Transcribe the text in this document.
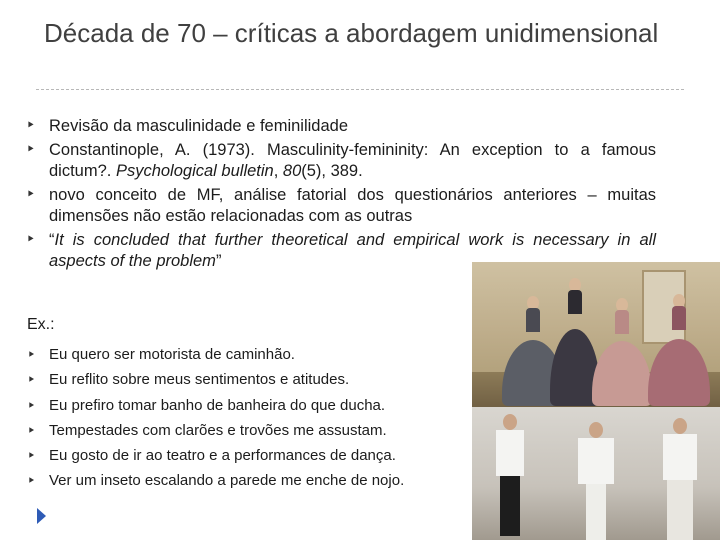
Década de 70 – críticas a abordagem unidimensional
⯈ Revisão da masculinidade e feminilidade
⯈ Constantinople, A. (1973). Masculinity-femininity: An exception to a famous dictum?. Psychological bulletin, 80(5), 389.
⯈ novo conceito de MF, análise fatorial dos questionários anteriores – muitas dimensões não estão relacionadas com as outras
⯈ “It is concluded that further theoretical and empirical work is necessary in all aspects of the problem”
Ex.:
⯈ Eu quero ser motorista de caminhão.
⯈ Eu reflito sobre meus sentimentos e atitudes.
⯈ Eu prefiro tomar banho de banheira do que ducha.
⯈ Tempestades com clarões e trovões me assustam.
⯈ Eu gosto de ir ao teatro e a performances de dança.
⯈ Ver um inseto escalando a parede me enche de nojo.
